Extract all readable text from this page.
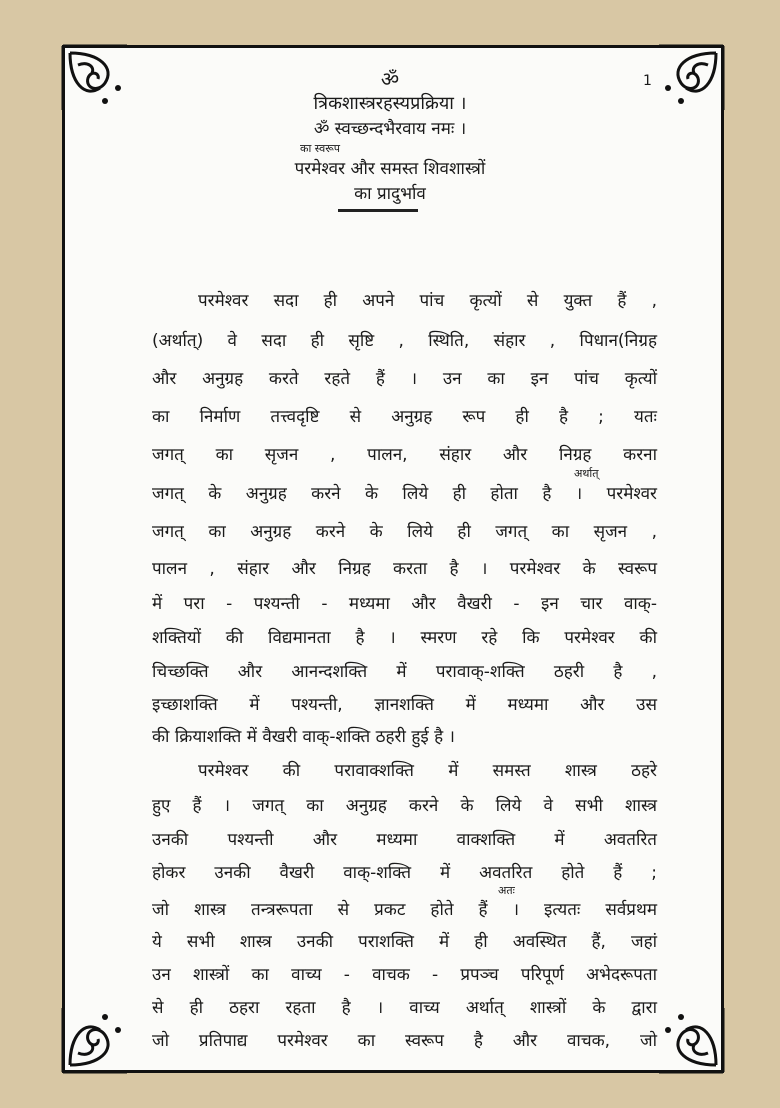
1
ॐ
त्रिकशास्त्ररहस्यप्रक्रिया ।
ॐ स्वच्छन्दभैरवाय नमः ।
का स्वरूप
परमेश्वर और समस्त शिवशास्त्रों
का प्रादुर्भाव
परमेश्वर सदा ही अपने पांच कृत्यों से युक्त हैं ,
(अर्थात्) वे सदा ही सृष्टि , स्थिति, संहार , पिधान(निग्रह
और अनुग्रह करते रहते हैं । उन का इन पांच कृत्यों
का निर्माण तत्त्वदृष्टि से अनुग्रह रूप ही है ; यतः
जगत् का सृजन , पालन, संहार और निग्रह करना
अर्थात्
जगत् के अनुग्रह करने के लिये ही होता है । परमेश्वर
जगत् का अनुग्रह करने के लिये ही जगत् का सृजन ,
पालन , संहार और निग्रह करता है । परमेश्वर के स्वरूप
में परा - पश्यन्ती - मध्यमा और वैखरी - इन चार वाक्-
शक्तियों की विद्यमानता है । स्मरण रहे कि परमेश्वर की
चिच्छक्ति और आनन्दशक्ति में परावाक्-शक्ति ठहरी है ,
इच्छाशक्ति में पश्यन्ती, ज्ञानशक्ति में मध्यमा और उस
की क्रियाशक्ति में वैखरी वाक्-शक्ति ठहरी हुई है ।
परमेश्वर की परावाक्शक्ति में समस्त शास्त्र ठहरे
हुए हैं । जगत् का अनुग्रह करने के लिये वे सभी शास्त्र
उनकी पश्यन्ती और मध्यमा वाक्शक्ति में अवतरित
होकर उनकी वैखरी वाक्-शक्ति में अवतरित होते हैं ;
अतः
जो शास्त्र तन्त्ररूपता से प्रकट होते हैं । इत्यतः सर्वप्रथम
ये सभी शास्त्र उनकी पराशक्ति में ही अवस्थित हैं, जहां
उन शास्त्रों का वाच्य - वाचक - प्रपञ्च परिपूर्ण अभेदरूपता
से ही ठहरा रहता है । वाच्य अर्थात् शास्त्रों के द्वारा
जो प्रतिपाद्य परमेश्वर का स्वरूप है और वाचक, जो
